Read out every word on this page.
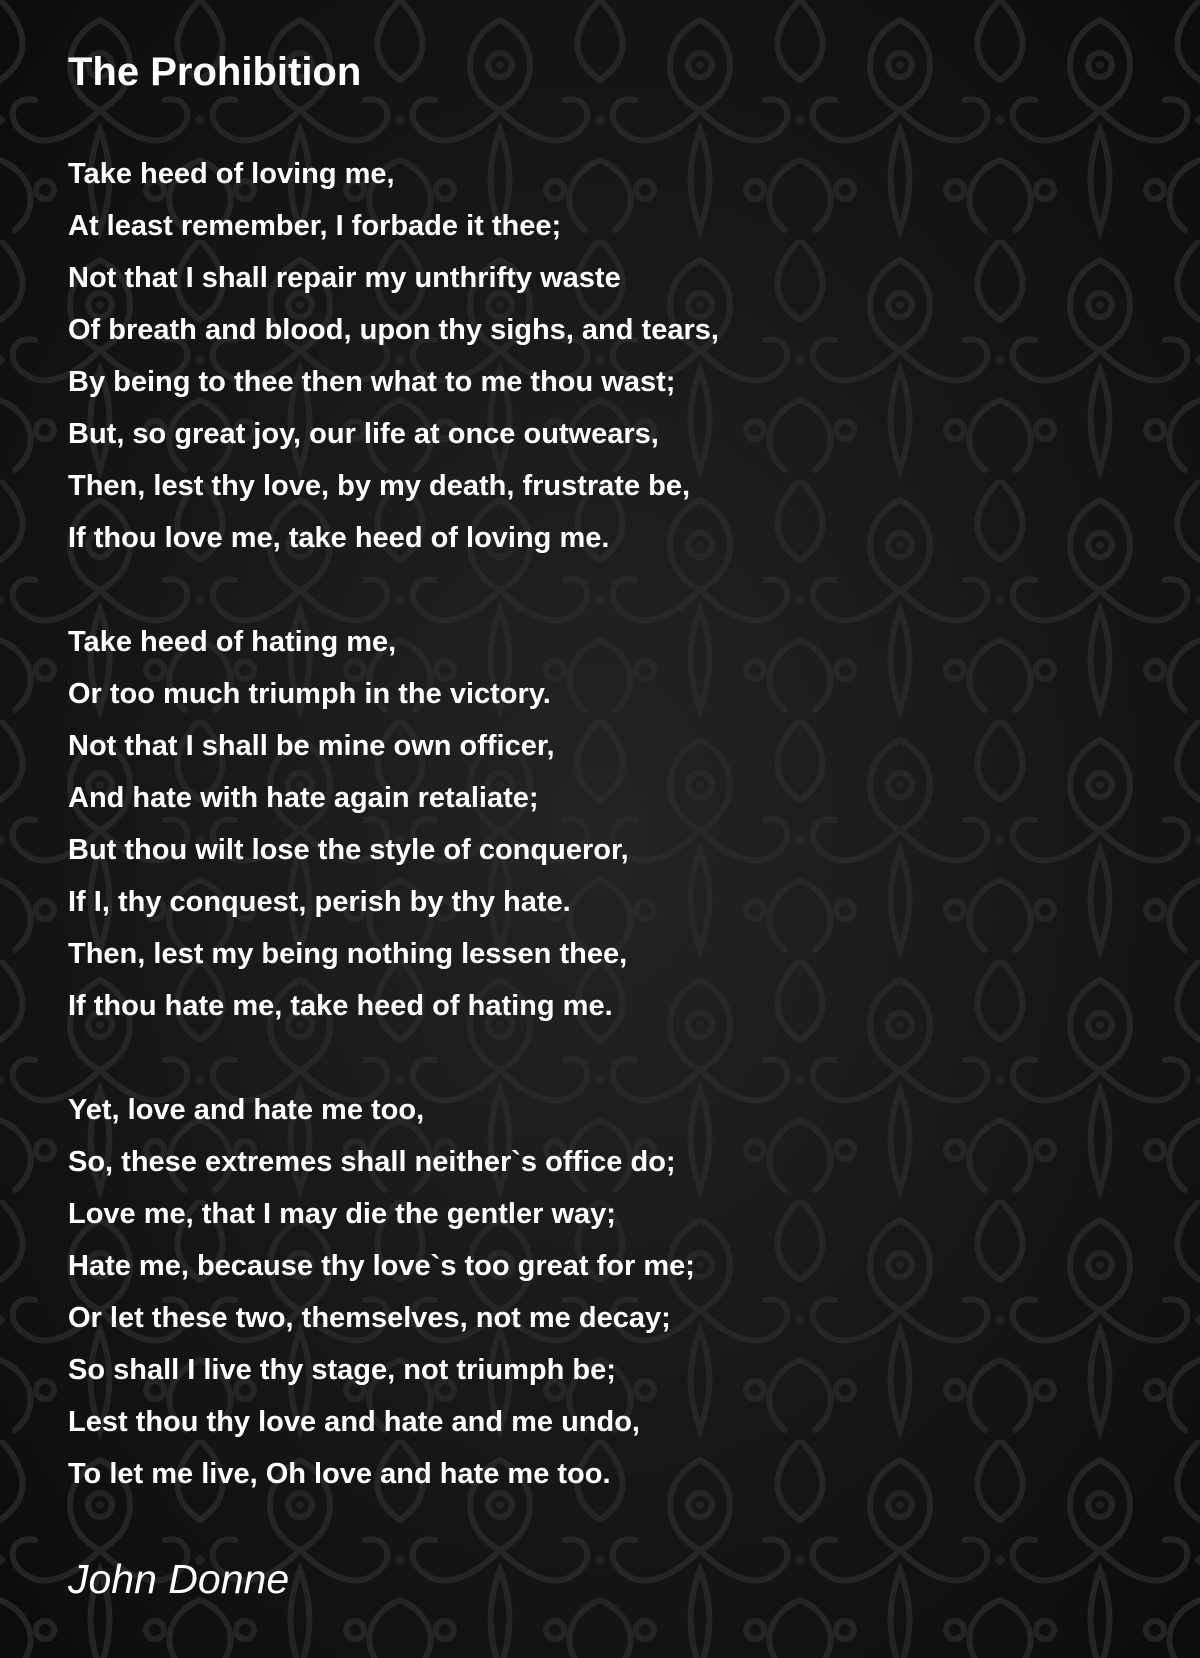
The Prohibition
Take heed of loving me,
At least remember, I forbade it thee;
Not that I shall repair my unthrifty waste
Of breath and blood, upon thy sighs, and tears,
By being to thee then what to me thou wast;
But, so great joy, our life at once outwears,
Then, lest thy love, by my death, frustrate be,
If thou love me, take heed of loving me.
Take heed of hating me,
Or too much triumph in the victory.
Not that I shall be mine own officer,
And hate with hate again retaliate;
But thou wilt lose the style of conqueror,
If I, thy conquest, perish by thy hate.
Then, lest my being nothing lessen thee,
If thou hate me, take heed of hating me.
Yet, love and hate me too,
So, these extremes shall neither`s office do;
Love me, that I may die the gentler way;
Hate me, because thy love`s too great for me;
Or let these two, themselves, not me decay;
So shall I live thy stage, not triumph be;
Lest thou thy love and hate and me undo,
To let me live, Oh love and hate me too.
John Donne
